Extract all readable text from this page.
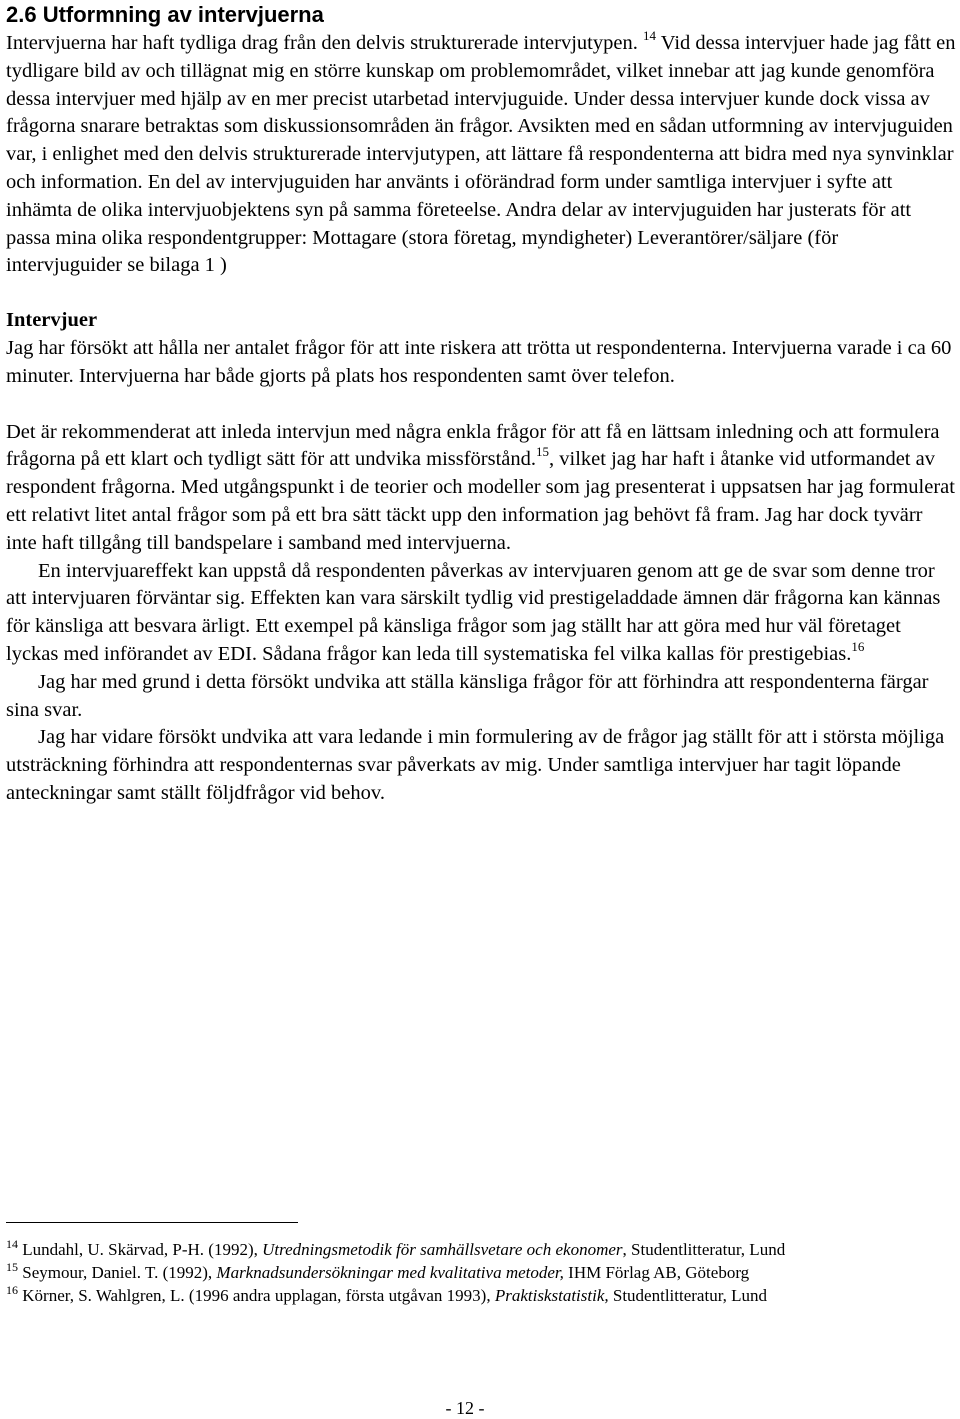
2.6 Utformning av intervjuerna

Intervjuerna har haft tydliga drag från den delvis strukturerade intervjutypen. $^{14}$ Vid dessa intervjuer hade jag fått en tydligare bild av och tillägnat mig en större kunskap om problemområdet, vilket innebar att jag kunde genomföra dessa intervjuer med hjälp av en mer precist utarbetad intervjuguide. Under dessa intervjuer kunde dock vissa av frågorna snarare betraktas som diskussionsområden än frågor. Avsikten med en sådan utformning av intervjuguiden var, i enlighet med den delvis strukturerade intervjutypen, att lättare få respondenterna att bidra med nya synvinklar och information. En del av intervjuguiden har använts i oförändrad form under samtliga intervjuer i syfte att inhämta de olika intervjuobjektens syn på samma företeelse. Andra delar av intervjuguiden har justerats för att passa mina olika respondentgrupper: Mottagare (stora företag, myndigheter) Leverantörer/säljare (för intervjuguider se bilaga 1 )

Intervjuer

Jag har försökt att hålla ner antalet frågor för att inte riskera att trötta ut respondenterna. Intervjuerna varade i ca 60 minuter. Intervjuerna har både gjorts på plats hos respondenten samt över telefon.

Det är rekommenderat att inleda intervjun med några enkla frågor för att få en lättsam inledning och att formulera frågorna på ett klart och tydligt sätt för att undvika missförstånd.$^{15}$, vilket jag har haft i åtanke vid utformandet av respondent frågorna. Med utgångspunkt i de teorier och modeller som jag presenterat i uppsatsen har jag formulerat ett relativt litet antal frågor som på ett bra sätt täckt upp den information jag behövt få fram. Jag har dock tyvärr inte haft tillgång till bandspelare i samband med intervjuerna.

En intervjuareffekt kan uppstå då respondenten påverkas av intervjuaren genom att ge de svar som denne tror att intervjuaren förväntar sig. Effekten kan vara särskilt tydlig vid prestigeladdade ämnen där frågorna kan kännas för känsliga att besvara ärligt. Ett exempel på känsliga frågor som jag ställt har att göra med hur väl företaget lyckas med införandet av EDI. Sådana frågor kan leda till systematiska fel vilka kallas för prestigebias.$^{16}$

Jag har med grund i detta försökt undvika att ställa känsliga frågor för att förhindra att respondenterna färgar sina svar.

Jag har vidare försökt undvika att vara ledande i min formulering av de frågor jag ställt för att i största möjliga utsträckning förhindra att respondenternas svar påverkats av mig. Under samtliga intervjuer har tagit löpande anteckningar samt ställt följdfrågor vid behov.

$^{14}$ Lundahl, U. Skärvad, P-H. (1992), Utredningsmetodik för samhällsvetare och ekonomer, Studentlitteratur, Lund
$^{15}$ Seymour, Daniel. T. (1992), Marknadsundersökningar med kvalitativa metoder, IHM Förlag AB, Göteborg
$^{16}$ Körner, S. Wahlgren, L. (1996 andra upplagan, första utgåvan 1993), Praktiskstatistik, Studentlitteratur, Lund
- 12 -
